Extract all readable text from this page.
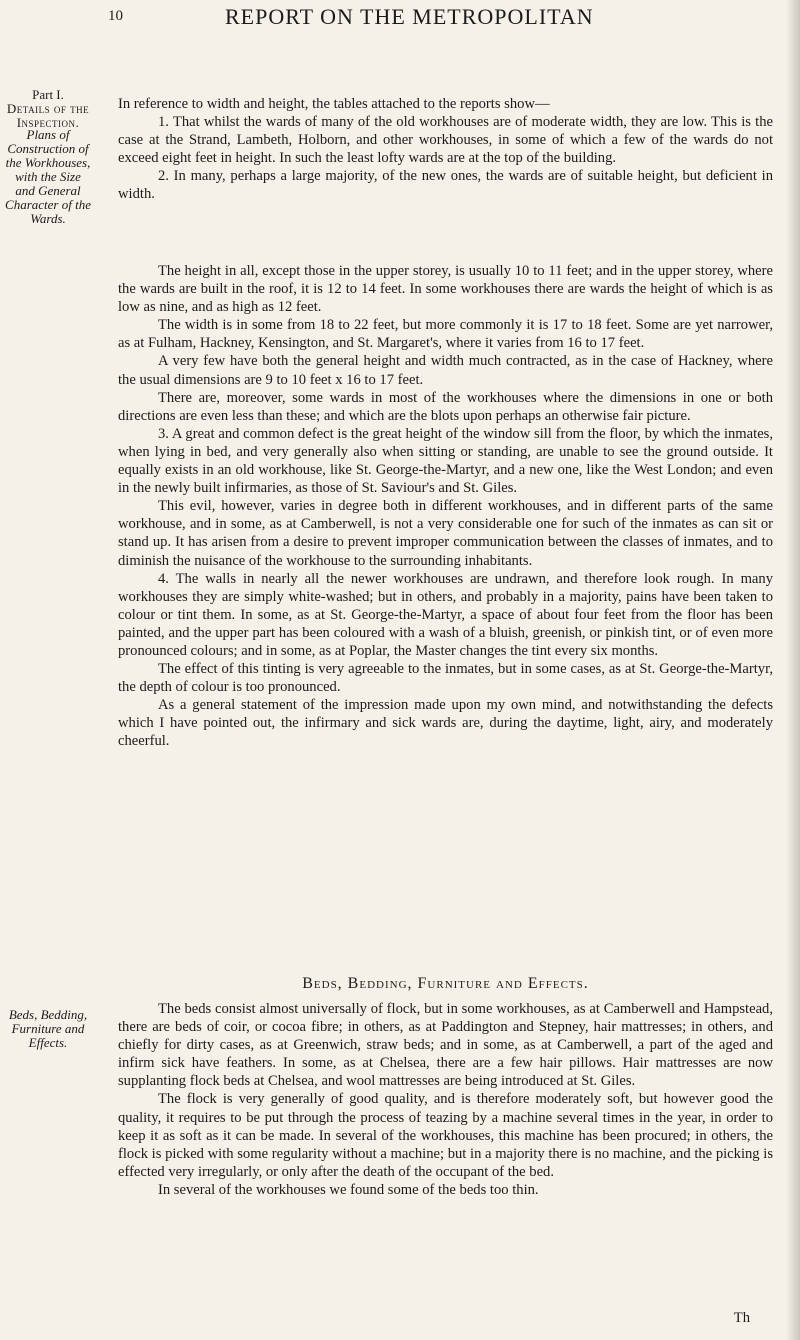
10	REPORT ON THE METROPOLITAN
Part I.
Details of the
Inspection.
Plans of Construction of the Workhouses, with the Size and General Character of the Wards.
Beds, Bedding, Furniture and Effects.

In reference to width and height, the tables attached to the reports show—

1. That whilst the wards of many of the old workhouses are of moderate width, they are low. This is the case at the Strand, Lambeth, Holborn, and other workhouses, in some of which a few of the wards do not exceed eight feet in height. In such the least lofty wards are at the top of the building.

2. In many, perhaps a large majority, of the new ones, the wards are of suitable height, but deficient in width.

The height in all, except those in the upper storey, is usually 10 to 11 feet; and in the upper storey, where the wards are built in the roof, it is 12 to 14 feet. In some workhouses there are wards the height of which is as low as nine, and as high as 12 feet.

The width is in some from 18 to 22 feet, but more commonly it is 17 to 18 feet. Some are yet narrower, as at Fulham, Hackney, Kensington, and St. Margaret's, where it varies from 16 to 17 feet.

A very few have both the general height and width much contracted, as in the case of Hackney, where the usual dimensions are 9 to 10 feet x 16 to 17 feet.

There are, moreover, some wards in most of the workhouses where the dimensions in one or both directions are even less than these; and which are the blots upon perhaps an otherwise fair picture.

3. A great and common defect is the great height of the window sill from the floor, by which the inmates, when lying in bed, and very generally also when sitting or standing, are unable to see the ground outside. It equally exists in an old workhouse, like St. George-the-Martyr, and a new one, like the West London; and even in the newly built infirmaries, as those of St. Saviour's and St. Giles.

This evil, however, varies in degree both in different workhouses, and in different parts of the same workhouse, and in some, as at Camberwell, is not a very considerable one for such of the inmates as can sit or stand up. It has arisen from a desire to prevent improper communication between the classes of inmates, and to diminish the nuisance of the workhouse to the surrounding inhabitants.

4. The walls in nearly all the newer workhouses are undrawn, and therefore look rough. In many workhouses they are simply white-washed; but in others, and probably in a majority, pains have been taken to colour or tint them. In some, as at St. George-the-Martyr, a space of about four feet from the floor has been painted, and the upper part has been coloured with a wash of a bluish, greenish, or pinkish tint, or of even more pronounced colours; and in some, as at Poplar, the Master changes the tint every six months.

The effect of this tinting is very agreeable to the inmates, but in some cases, as at St. George-the-Martyr, the depth of colour is too pronounced.

As a general statement of the impression made upon my own mind, and notwithstanding the defects which I have pointed out, the infirmary and sick wards are, during the daytime, light, airy, and moderately cheerful.

Beds, Bedding, Furniture and Effects.

The beds consist almost universally of flock, but in some workhouses, as at Camberwell and Hampstead, there are beds of coir, or cocoa fibre; in others, as at Paddington and Stepney, hair mattresses; in others, and chiefly for dirty cases, as at Greenwich, straw beds; and in some, as at Camberwell, a part of the aged and infirm sick have feathers. In some, as at Chelsea, there are a few hair pillows. Hair mattresses are now supplanting flock beds at Chelsea, and wool mattresses are being introduced at St. Giles.

The flock is very generally of good quality, and is therefore moderately soft, but however good the quality, it requires to be put through the process of teazing by a machine several times in the year, in order to keep it as soft as it can be made. In several of the workhouses, this machine has been procured; in others, the flock is picked with some regularity without a machine; but in a majority there is no machine, and the picking is effected very irregularly, or only after the death of the occupant of the bed.

In several of the workhouses we found some of the beds too thin.

Th
